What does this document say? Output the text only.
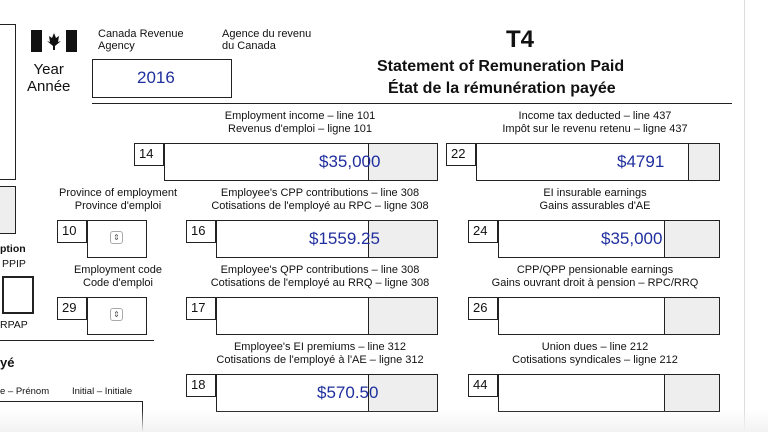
ption
PPIP
RPAP
yé
e – Prénom Initial – Initiale
Canada Revenue
Agency
Agence du revenu
du Canada
Year
Année	2016
T4
Statement of Remuneration Paid
État de la rémunération payée
Employment income – line 101
Revenus d'emploi – ligne 101
14	$35,000
Income tax deducted – line 437
Impôt sur le revenu retenu – ligne 437
22	$4791
Province of employment
Province d'emploi
10	⇕
Employee's CPP contributions – line 308
Cotisations de l'employé au RPC – ligne 308
16	$1559.25
EI insurable earnings
Gains assurables d'AE
24	$35,000
Employment code
Code d'emploi
29	⇕
Employee's QPP contributions – line 308
Cotisations de l'employé au RRQ – ligne 308
17
CPP/QPP pensionable earnings
Gains ouvrant droit à pension – RPC/RRQ
26
Employee's EI premiums – line 312
Cotisations de l'employé à l'AE – ligne 312
18	$570.50
Union dues – line 212
Cotisations syndicales – ligne 212
44
